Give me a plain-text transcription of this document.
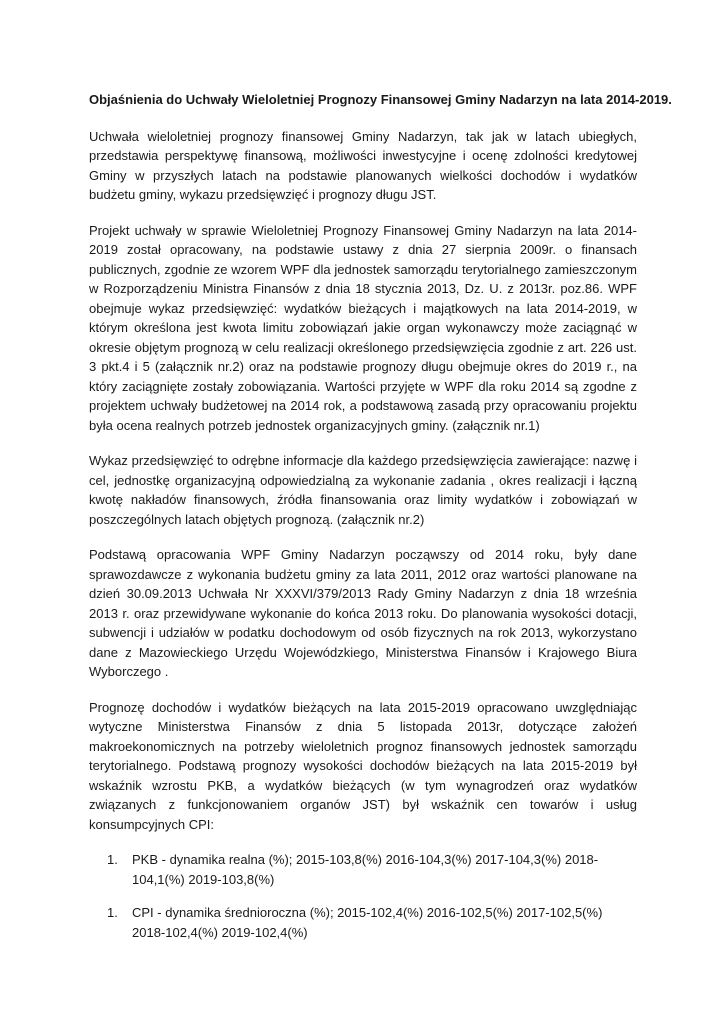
Objaśnienia do Uchwały Wieloletniej Prognozy Finansowej Gminy Nadarzyn na lata 2014-2019.

Uchwała wieloletniej prognozy finansowej Gminy Nadarzyn, tak jak w latach ubiegłych, przedstawia perspektywę finansową, możliwości inwestycyjne i ocenę zdolności kredytowej Gminy w przyszłych latach na podstawie planowanych wielkości dochodów i wydatków budżetu gminy, wykazu przedsięwzięć i prognozy długu JST.

Projekt uchwały w sprawie Wieloletniej Prognozy Finansowej Gminy Nadarzyn na lata 2014-2019 został opracowany, na podstawie ustawy z dnia 27 sierpnia 2009r. o finansach publicznych, zgodnie ze wzorem WPF dla jednostek samorządu terytorialnego zamieszczonym w Rozporządzeniu Ministra Finansów z dnia 18 stycznia 2013, Dz. U. z 2013r. poz.86. WPF obejmuje wykaz przedsięwzięć: wydatków bieżących i majątkowych na lata 2014-2019, w którym określona jest kwota limitu zobowiązań jakie organ wykonawczy może zaciągnąć w okresie objętym prognozą w celu realizacji określonego przedsięwzięcia zgodnie z art. 226 ust. 3 pkt.4 i 5 (załącznik nr.2) oraz na podstawie prognozy długu obejmuje okres do 2019 r., na który zaciągnięte zostały zobowiązania. Wartości przyjęte w WPF dla roku 2014 są zgodne z projektem uchwały budżetowej na 2014 rok, a podstawową zasadą przy opracowaniu projektu była ocena realnych potrzeb jednostek organizacyjnych gminy. (załącznik nr.1)

Wykaz przedsięwzięć to odrębne informacje dla każdego przedsięwzięcia zawierające: nazwę i cel, jednostkę organizacyjną odpowiedzialną za wykonanie zadania , okres realizacji i łączną kwotę nakładów finansowych, źródła finansowania oraz limity wydatków i zobowiązań w poszczególnych latach objętych prognozą. (załącznik nr.2)

Podstawą opracowania WPF Gminy Nadarzyn począwszy od 2014 roku, były dane sprawozdawcze z wykonania budżetu gminy za lata 2011, 2012 oraz wartości planowane na dzień 30.09.2013 Uchwała Nr XXXVI/379/2013 Rady Gminy Nadarzyn z dnia 18 września 2013 r. oraz przewidywane wykonanie do końca 2013 roku. Do planowania wysokości dotacji, subwencji i udziałów w podatku dochodowym od osób fizycznych na rok 2013, wykorzystano dane z Mazowieckiego Urzędu Wojewódzkiego, Ministerstwa Finansów i Krajowego Biura Wyborczego .

Prognozę dochodów i wydatków bieżących na lata 2015-2019 opracowano uwzględniając wytyczne Ministerstwa Finansów z dnia 5 listopada 2013r, dotyczące założeń makroekonomicznych na potrzeby wieloletnich prognoz finansowych jednostek samorządu terytorialnego. Podstawą prognozy wysokości dochodów bieżących na lata 2015-2019 był wskaźnik wzrostu PKB, a wydatków bieżących (w tym wynagrodzeń oraz wydatków związanych z funkcjonowaniem organów JST) był wskaźnik cen towarów i usług konsumpcyjnych CPI:

1. PKB - dynamika realna (%); 2015-103,8(%) 2016-104,3(%) 2017-104,3(%) 2018-104,1(%) 2019-103,8(%)
1. CPI - dynamika średnioroczna (%); 2015-102,4(%) 2016-102,5(%) 2017-102,5(%) 2018-102,4(%) 2019-102,4(%)
